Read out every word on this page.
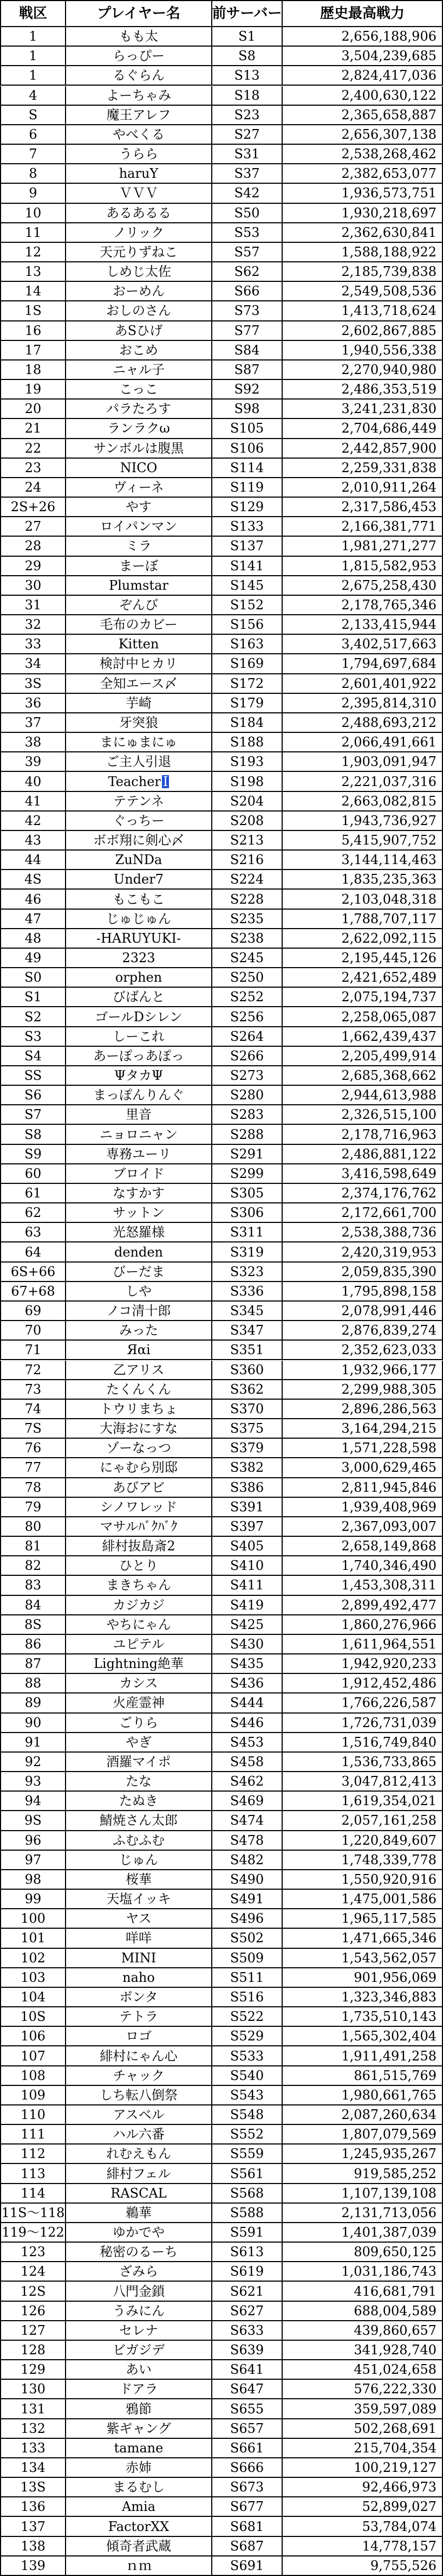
戦区	プレイヤー名	前サーバー	歴史最高戦力
1	もも太	S1	2,656,188,906
1	らっぴー	S8	3,504,239,685
1	るぐらん	S13	2,824,417,036
4	よーちゃみ	S18	2,400,630,122
S	魔王アレフ	S23	2,365,658,887
6	やべくる	S27	2,656,307,138
7	うらら	S31	2,538,268,462
8	haruY	S37	2,382,653,077
9	ＶＶＶ	S42	1,936,573,751
10	あるあるる	S50	1,930,218,697
11	ノリック	S53	2,362,630,841
12	天元りずねこ	S57	1,588,188,922
13	しめじ太佐	S62	2,185,739,838
14	おーめん	S66	2,549,508,536
1S	おしのさん	S73	1,413,718,624
16	あSひげ	S77	2,602,867,885
17	おこめ	S84	1,940,556,338
18	ニャル子	S87	2,270,940,980
19	こっこ	S92	2,486,353,519
20	パラたろす	S98	3,241,231,830
21	ランラクω	S105	2,704,686,449
22	サンボルは腹黒	S106	2,442,857,900
23	NICO	S114	2,259,331,838
24	ヴィーネ	S119	2,010,911,264
2S+26	やす	S129	2,317,586,453
27	ロイパンマン	S133	2,166,381,771
28	ミラ	S137	1,981,271,277
29	まーぼ	S141	1,815,582,953
30	Plumstar	S145	2,675,258,430
31	ぞんび	S152	2,178,765,346
32	毛布のカビー	S156	2,133,415,944
33	Kitten	S163	3,402,517,663
34	検討中ヒカリ	S169	1,794,697,684
3S	全知エース〆	S172	2,601,401,922
36	芋崎	S179	2,395,814,310
37	牙突狼	S184	2,488,693,212
38	まにゅまにゅ	S188	2,066,491,661
39	ご主人引退	S193	1,903,091,947
40	Teacher I	S198	2,221,037,316
41	テテンネ	S204	2,663,082,815
42	ぐっちー	S208	1,943,736,927
43	ボボ翔に剣心〆	S213	5,415,907,752
44	ZuNDa	S216	3,144,114,463
4S	Under7	S224	1,835,235,363
46	もこもこ	S228	2,103,048,318
47	じゅじゅん	S235	1,788,707,117
48	-HARUYUKI-	S238	2,622,092,115
49	2323	S245	2,195,445,126
S0	orphen	S250	2,421,652,489
S1	びばんと	S252	2,075,194,737
S2	ゴールDシレン	S256	2,258,065,087
S3	しーこれ	S264	1,662,439,437
S4	あーぽっあぽっ	S266	2,205,499,914
SS	ΨタカΨ	S273	2,685,368,662
S6	まっぽんりんぐ	S280	2,944,613,988
S7	里音	S283	2,326,515,100
S8	ニョロニャン	S288	2,178,716,963
S9	専務ユーリ	S291	2,486,881,122
60	ブロイド	S299	3,416,598,649
61	なすかす	S305	2,374,176,762
62	サットン	S306	2,172,661,700
63	光怒羅様	S311	2,538,388,736
64	denden	S319	2,420,319,953
6S+66	びーだま	S323	2,059,835,390
67+68	しや	S336	1,795,898,158
69	ノコ清十郎	S345	2,078,991,446
70	みった	S347	2,876,839,274
71	Яαi	S351	2,352,623,033
72	乙アリス	S360	1,932,966,177
73	たくんくん	S362	2,299,988,305
74	トウリまちょ	S370	2,896,286,563
7S	大海おにすな	S375	3,164,294,215
76	ゾーなっつ	S379	1,571,228,598
77	にゃむら別邸	S382	3,000,629,465
78	あびアビ	S386	2,811,945,846
79	シノワレッド	S391	1,939,408,969
80	マサルﾊﾞｸﾊﾞｸ	S397	2,367,093,007
81	緋村抜島斎2	S405	2,658,149,868
82	ひとり	S410	1,740,346,490
83	まきちゃん	S411	1,453,308,311
84	カジカジ	S419	2,899,492,477
8S	やちにゃん	S425	1,860,276,966
86	ユピテル	S430	1,611,964,551
87	Lightning絶華	S435	1,942,920,233
88	カシス	S436	1,912,452,486
89	火産霊神	S444	1,766,226,587
90	ごりら	S446	1,726,731,039
91	やぎ	S453	1,516,749,840
92	酒羅マイポ	S458	1,536,733,865
93	たな	S462	3,047,812,413
94	たぬき	S469	1,619,354,021
9S	鯖焼さん太郎	S474	2,057,161,258
96	ふむふむ	S478	1,220,849,607
97	じゅん	S482	1,748,339,778
98	桜華	S490	1,550,920,916
99	天塩イッキ	S491	1,475,001,586
100	ヤス	S496	1,965,117,585
101	咩咩	S502	1,471,665,346
102	MINI	S509	1,543,562,057
103	naho	S511	901,956,069
104	ボンタ	S516	1,323,346,883
10S	テトラ	S522	1,735,510,143
106	ロゴ	S529	1,565,302,404
107	緋村にゃん心	S533	1,911,491,258
108	チャック	S540	861,515,769
109	しち転八倒祭	S543	1,980,661,765
110	アスベル	S548	2,087,260,634
111	ハル六番	S552	1,807,079,569
112	れむえもん	S559	1,245,935,267
113	緋村フェル	S561	919,585,252
114	RASCAL	S568	1,107,139,108
11S～118	鵜華	S588	2,131,713,056
119～122	ゆかでや	S591	1,401,387,039
123	秘密のるーち	S613	809,650,125
124	ざみら	S619	1,031,186,743
12S	八門金鎖	S621	416,681,791
126	うみにん	S627	688,004,589
127	セレナ	S633	439,860,657
128	ビガジデ	S639	341,928,740
129	あい	S641	451,024,658
130	ドアラ	S647	576,222,330
131	鴉節	S655	359,597,089
132	紫ギャング	S657	502,268,691
133	tamane	S661	215,704,354
134	赤姉	S666	100,219,127
13S	まるむし	S673	92,466,973
136	Amia	S677	52,899,027
137	FactorXX	S681	53,784,074
138	傾奇者武蔵	S687	14,778,157
139	ｎｍ	S691	9,755,526
